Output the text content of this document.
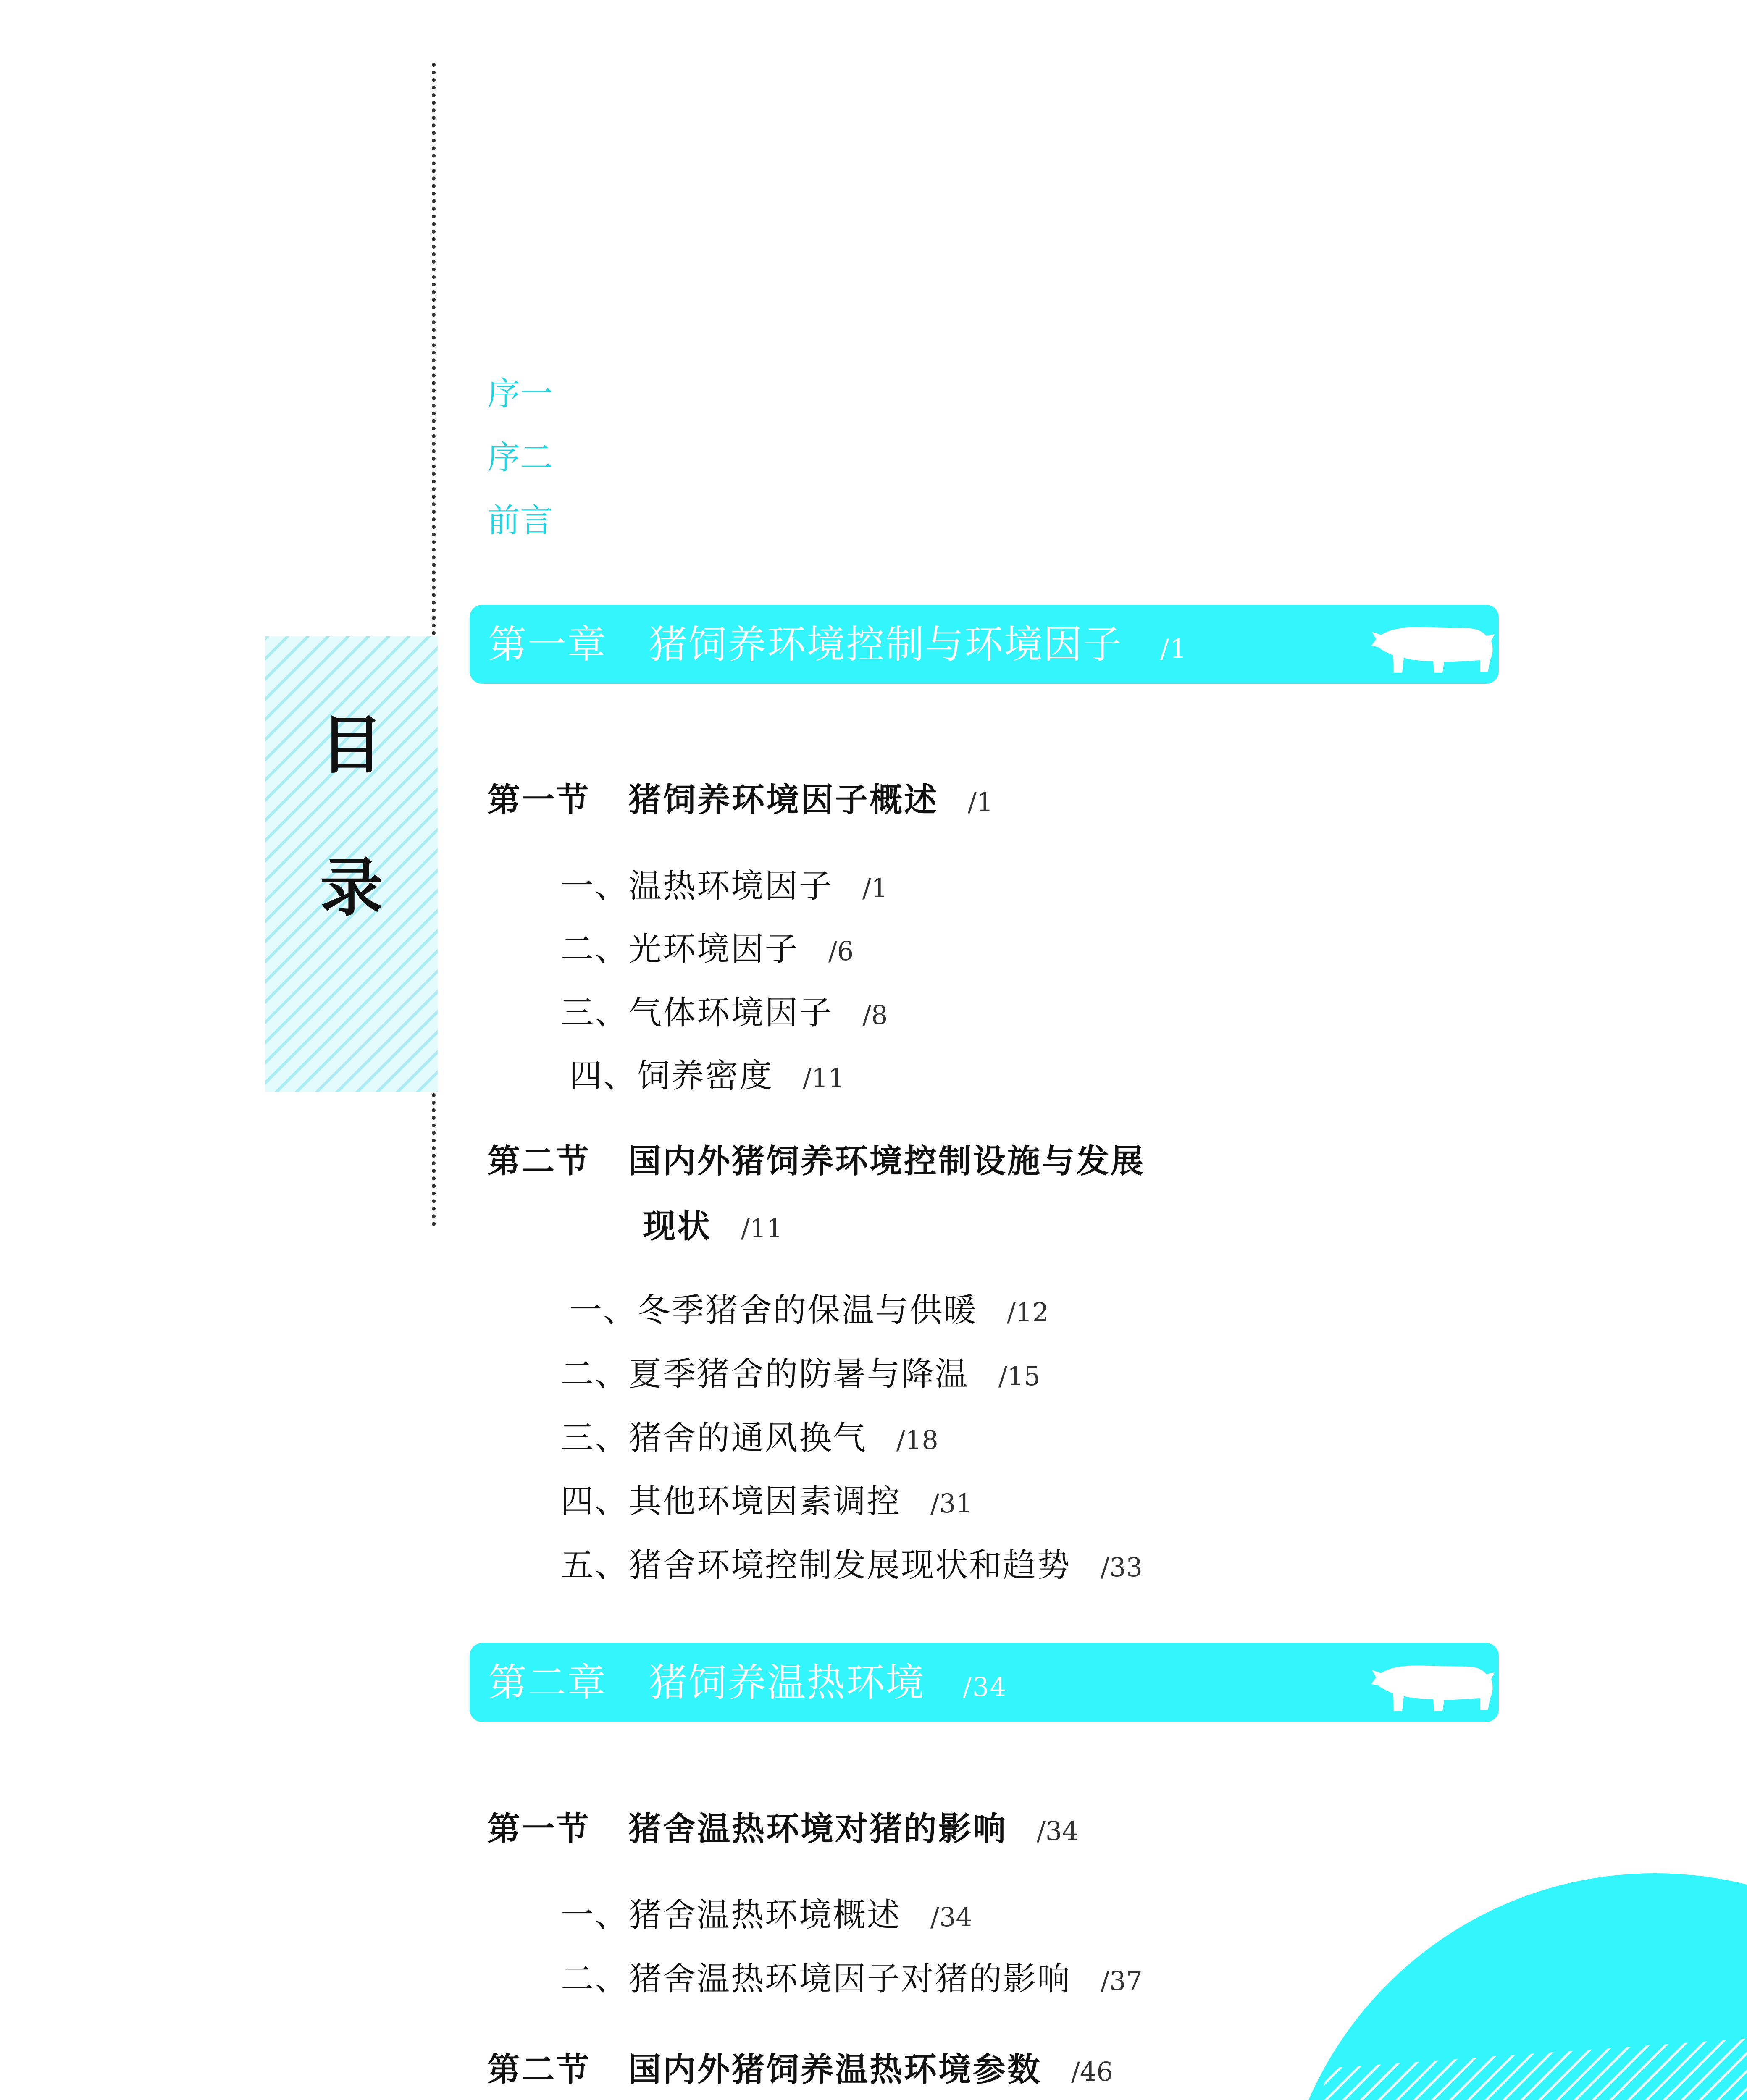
目
录
序一
序二
前言
第一章 猪饲养环境控制与环境因子 /1
第一节 猪饲养环境因子概述 /1
一、温热环境因子 /1
二、光环境因子 /6
三、气体环境因子 /8
四、饲养密度 /11
第二节 国内外猪饲养环境控制设施与发展
现状 /11
一、冬季猪舍的保温与供暖 /12
二、夏季猪舍的防暑与降温 /15
三、猪舍的通风换气 /18
四、其他环境因素调控 /31
五、猪舍环境控制发展现状和趋势 /33
第二章 猪饲养温热环境 /34
第一节 猪舍温热环境对猪的影响 /34
一、猪舍温热环境概述 /34
二、猪舍温热环境因子对猪的影响 /37
第二节 国内外猪饲养温热环境参数 /46
